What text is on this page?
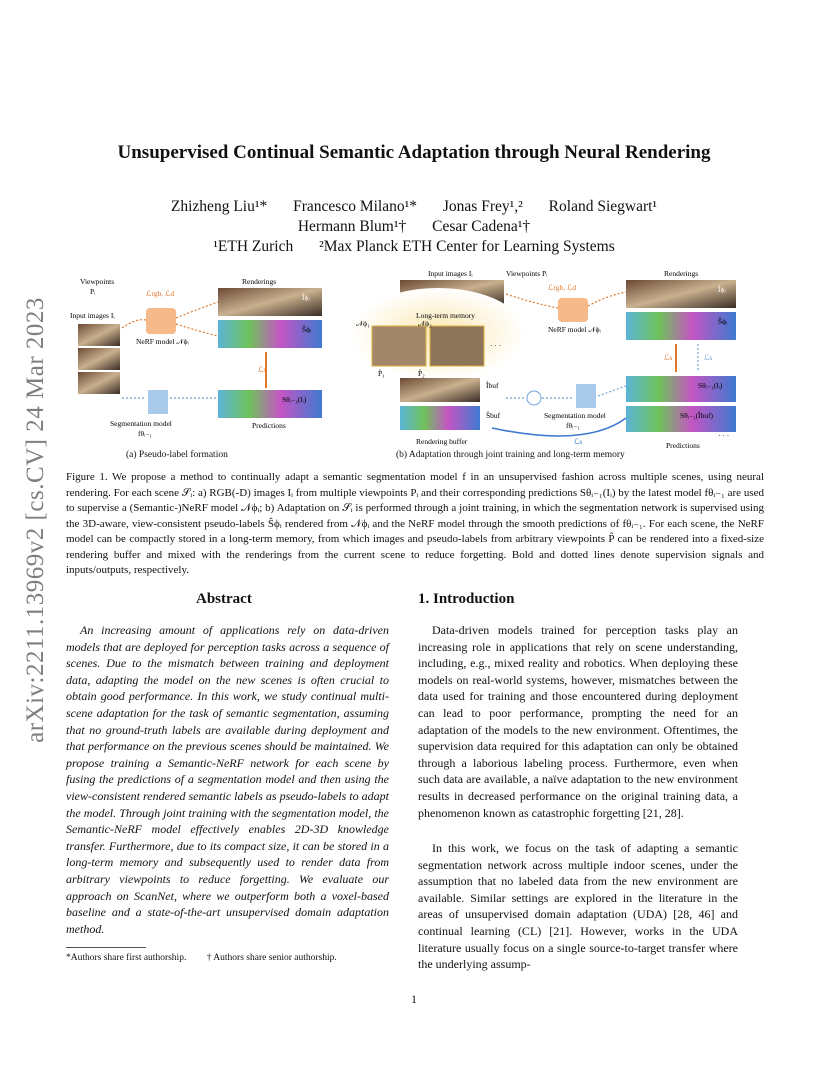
arXiv:2211.13969v2 [cs.CV] 24 Mar 2023
Unsupervised Continual Semantic Adaptation through Neural Rendering
Zhizheng Liu¹* Francesco Milano¹* Jonas Frey¹,² Roland Siegwart¹
Hermann Blum¹† Cesar Cadena¹†
¹ETH Zurich ²Max Planck ETH Center for Learning Systems
Viewpoints
Pᵢ
Input images Iᵢ
ℒrgb, ℒd
NeRF model 𝒩ϕᵢ
Renderings
Îϕᵢ
Ŝϕᵢ
ℒs
Segmentation model
fθᵢ₋₁
Sθᵢ₋₁(Iᵢ)
Predictions
Input images Iᵢ	Viewpoints Pᵢ
ℒrgb, ℒd
NeRF model 𝒩ϕᵢ
Renderings
Îϕᵢ
Ŝϕᵢ
Long-term memory
𝒩ϕ₁	𝒩ϕ₂
· · ·
P̂₁	P̂₂
Îbuf
Ŝbuf
Rendering buffer
Segmentation model
fθᵢ₋₁
ℒs
ℒs	ℒs
Sθᵢ₋₁(Iᵢ)
Sθᵢ₋₁(Îbuf)
· · ·
Predictions
(a) Pseudo-label formation	(b) Adaptation through joint training and long-term memory
Figure 1. We propose a method to continually adapt a semantic segmentation model f in an unsupervised fashion across multiple scenes, using neural rendering. For each scene 𝒮ᵢ: a) RGB(-D) images Iᵢ from multiple viewpoints Pᵢ and their corresponding predictions Sθᵢ₋₁(Iᵢ) by the latest model fθᵢ₋₁ are used to supervise a (Semantic-)NeRF model 𝒩ϕᵢ; b) Adaptation on 𝒮ᵢ is performed through a joint training, in which the segmentation network is supervised using the 3D-aware, view-consistent pseudo-labels Ŝϕᵢ rendered from 𝒩ϕᵢ and the NeRF model through the smooth predictions of fθᵢ₋₁. For each scene, the NeRF model can be compactly stored in a long-term memory, from which images and pseudo-labels from arbitrary viewpoints P̂ can be rendered into a fixed-size rendering buffer and mixed with the renderings from the current scene to reduce forgetting. Bold and dotted lines denote supervision signals and inputs/outputs, respectively.
Abstract	1. Introduction
An increasing amount of applications rely on data-driven models that are deployed for perception tasks across a sequence of scenes. Due to the mismatch between training and deployment data, adapting the model on the new scenes is often crucial to obtain good performance. In this work, we study continual multi-scene adaptation for the task of semantic segmentation, assuming that no ground-truth labels are available during deployment and that performance on the previous scenes should be maintained. We propose training a Semantic-NeRF network for each scene by fusing the predictions of a segmentation model and then using the view-consistent rendered semantic labels as pseudo-labels to adapt the model. Through joint training with the segmentation model, the Semantic-NeRF model effectively enables 2D-3D knowledge transfer. Furthermore, due to its compact size, it can be stored in a long-term memory and subsequently used to render data from arbitrary viewpoints to reduce forgetting. We evaluate our approach on ScanNet, where we outperform both a voxel-based baseline and a state-of-the-art unsupervised domain adaptation method.
Data-driven models trained for perception tasks play an increasing role in applications that rely on scene understanding, including, e.g., mixed reality and robotics. When deploying these models on real-world systems, however, mismatches between the data used for training and those encountered during deployment can lead to poor performance, prompting the need for an adaptation of the models to the new environment. Oftentimes, the supervision data required for this adaptation can only be obtained through a laborious labeling process. Furthermore, even when such data are available, a naïve adaptation to the new environment results in decreased performance on the original training data, a phenomenon known as catastrophic forgetting [21, 28].
In this work, we focus on the task of adapting a semantic segmentation network across multiple indoor scenes, under the assumption that no labeled data from the new environment are available. Similar settings are explored in the literature in the areas of unsupervised domain adaptation (UDA) [28, 46] and continual learning (CL) [21]. However, works in the UDA literature usually focus on a single source-to-target transfer where the underlying assump-
*Authors share first authorship. † Authors share senior authorship.
1
